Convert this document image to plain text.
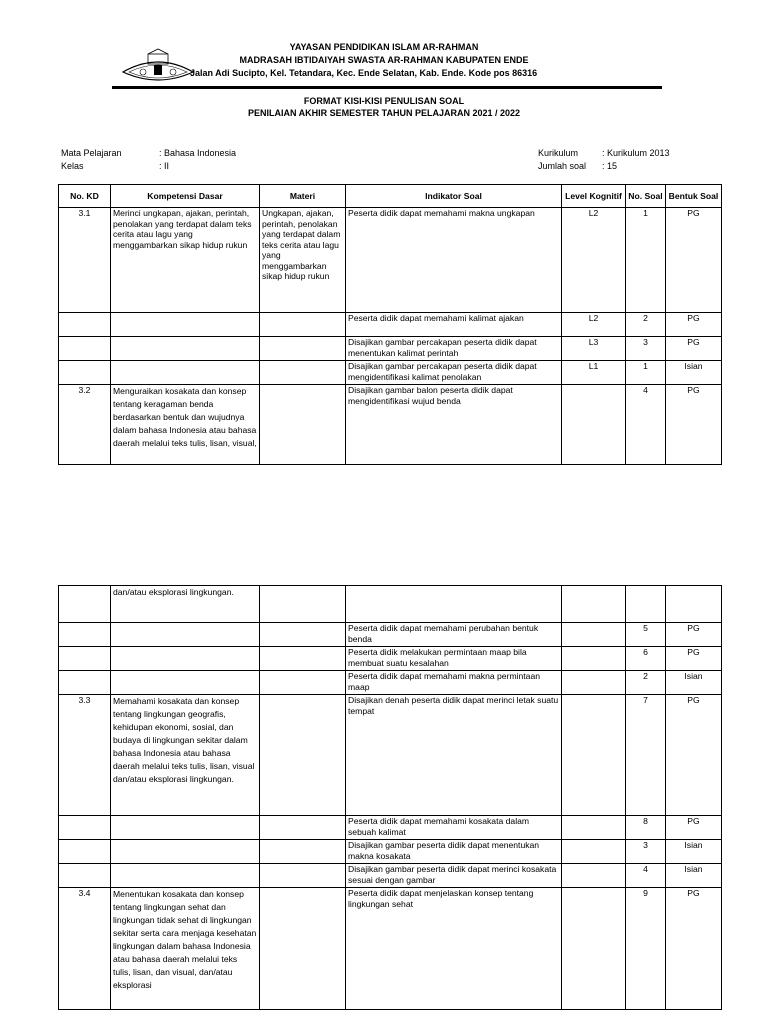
YAYASAN PENDIDIKAN ISLAM AR-RAHMAN
MADRASAH IBTIDAIYAH SWASTA AR-RAHMAN KABUPATEN ENDE
Jalan Adi Sucipto, Kel. Tetandara, Kec. Ende Selatan, Kab. Ende. Kode pos 86316
FORMAT KISI-KISI PENULISAN SOAL
PENILAIAN AKHIR SEMESTER TAHUN PELAJARAN 2021 / 2022
Mata Pelajaran	: Bahasa Indonesia
Kelas	: II
Kurikulum	: Kurikulum 2013
Jumlah soal : 15
No. KD	Kompetensi Dasar	Materi	Indikator Soal	Level Kognitif	No. Soal	Bentuk Soal
3.1	Merinci ungkapan, ajakan, perintah, penolakan yang terdapat dalam teks cerita atau lagu yang menggambarkan sikap hidup rukun	Ungkapan, ajakan, perintah, penolakan yang terdapat dalam teks cerita atau lagu yang menggambarkan sikap hidup rukun	Peserta didik dapat memahami makna ungkapan	L2	1	PG
			Peserta didik dapat memahami kalimat ajakan	L2	2	PG
			Disajikan gambar percakapan peserta didik dapat menentukan kalimat perintah	L3	3	PG
			Disajikan gambar percakapan peserta didik dapat mengidentifikasi kalimat penolakan	L1	1	Isian
3.2	Menguraikan kosakata dan konsep tentang keragaman benda berdasarkan bentuk dan wujudnya dalam bahasa Indonesia atau bahasa daerah melalui teks tulis, lisan, visual,		Disajikan gambar balon peserta didik dapat mengidentifikasi wujud benda		4	PG
	dan/atau eksplorasi lingkungan.					
			Peserta didik dapat memahami perubahan bentuk benda		5	PG
			Peserta didik melakukan permintaan maap bila membuat suatu kesalahan		6	PG
			Peserta didik dapat memahami makna permintaan maap		2	Isian
3.3	Memahami kosakata dan konsep tentang lingkungan geografis, kehidupan ekonomi, sosial, dan budaya di lingkungan sekitar dalam bahasa Indonesia atau bahasa daerah melalui teks tulis, lisan, visual dan/atau eksplorasi lingkungan.		Disajikan denah peserta didik dapat merinci letak suatu tempat		7	PG
			Peserta didik dapat memahami kosakata dalam sebuah kalimat		8	PG
			Disajikan gambar peserta didik dapat menentukan makna kosakata		3	Isian
			Disajikan gambar peserta didik dapat merinci kosakata sesuai dengan gambar		4	Isian
3.4	Menentukan kosakata dan konsep tentang lingkungan sehat dan lingkungan tidak sehat di lingkungan sekitar serta cara menjaga kesehatan lingkungan dalam bahasa Indonesia atau bahasa daerah melalui teks tulis, lisan, dan visual, dan/atau eksplorasi		Peserta didik dapat menjelaskan konsep tentang lingkungan sehat		9	PG
